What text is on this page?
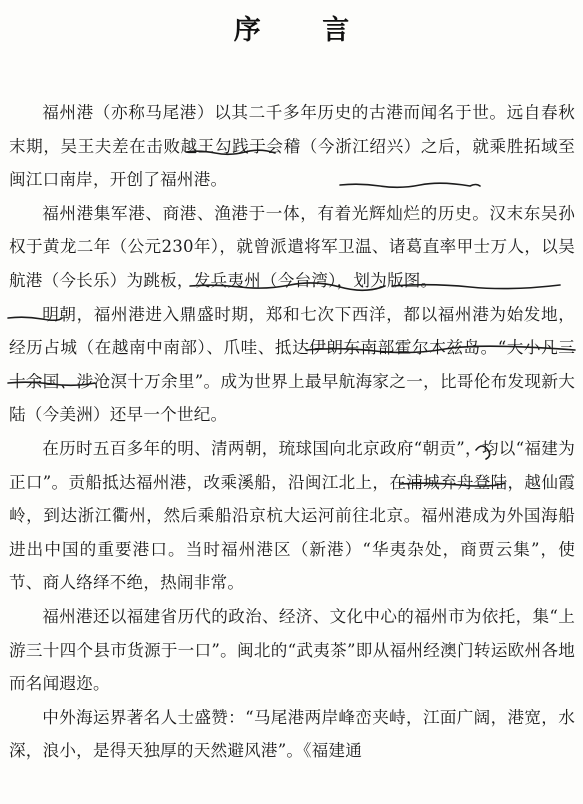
序 言

福州港（亦称马尾港）以其二千多年历史的古港而闻名于世。远自春秋末期，吴王夫差在击败越王勾践于会稽（今浙江绍兴）之后，就乘胜拓域至闽江口南岸，开创了福州港。

福州港集军港、商港、渔港于一体，有着光辉灿烂的历史。汉末东吴孙权于黄龙二年（公元230年），就曾派遣将军卫温、诸葛直率甲士万人，以吴航港（今长乐）为跳板，发兵夷州（今台湾），划为版图。

明朝，福州港进入鼎盛时期，郑和七次下西洋，都以福州港为始发地，经历占城（在越南中南部）、爪哇、抵达伊朗东南部霍尔木兹岛。“大小凡三十余国、涉沧溟十万余里”。成为世界上最早航海家之一，比哥伦布发现新大陆（今美洲）还早一个世纪。

在历时五百多年的明、清两朝，琉球国向北京政府“朝贡”，均以“福建为正口”。贡船抵达福州港，改乘溪船，沿闽江北上，在浦城弃舟登陆，越仙霞岭，到达浙江衢州，然后乘船沿京杭大运河前往北京。福州港成为外国海船进出中国的重要港口。当时福州港区（新港）“华夷杂处，商贾云集”，使节、商人络绎不绝，热闹非常。

福州港还以福建省历代的政治、经济、文化中心的福州市为依托，集“上游三十四个县市货源于一口”。闽北的“武夷茶”即从福州经澳门转运欧州各地而名闻遐迩。

中外海运界著名人士盛赞：“马尾港两岸峰峦夹峙，江面广阔，港宽，水深，浪小，是得天独厚的天然避风港”。《福建通
